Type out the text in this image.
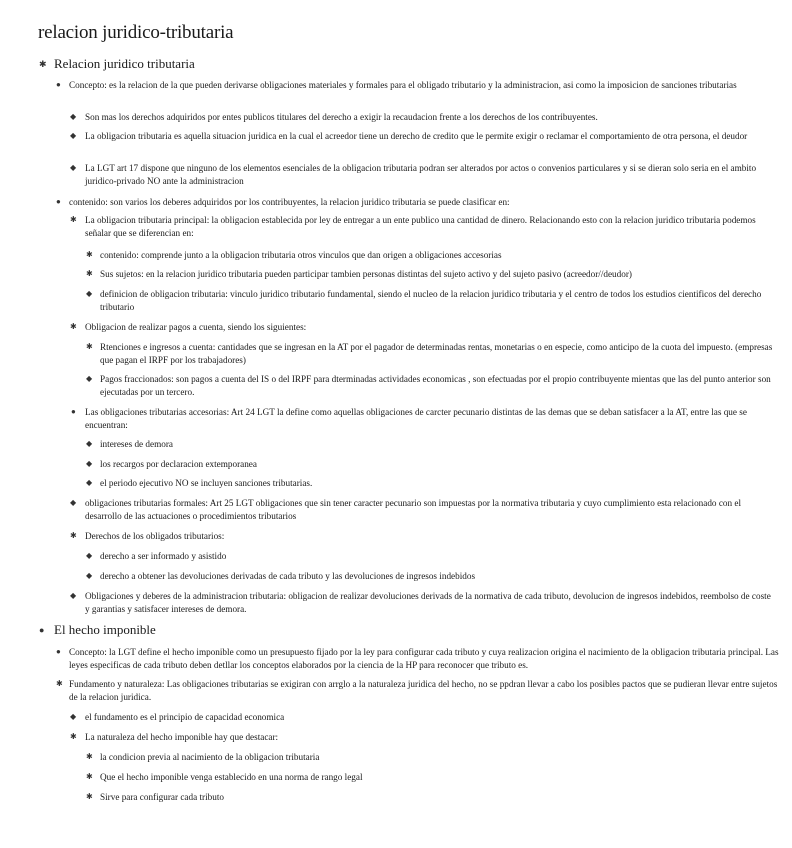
relacion juridico-tributaria
✱ Relacion juridico tributaria
● Concepto: es la relacion de la que pueden derivarse obligaciones materiales y formales para el obligado tributario y la administracion, asi como la imposicion de sanciones tributarias
◆ Son mas los derechos adquiridos por entes publicos titulares del derecho a exigir la recaudacion frente a los derechos de los contribuyentes.
◆ La obligacion tributaria es aquella situacion juridica en la cual el acreedor tiene un derecho de credito que le permite exigir o reclamar el comportamiento de otra persona, el deudor
◆ La LGT art 17 dispone que ninguno de los elementos esenciales de la obligacion tributaria podran ser alterados por actos o convenios particulares y si se dieran solo seria en el ambito juridico-privado NO ante la administracion
● contenido: son varios los deberes adquiridos por los contribuyentes, la relacion juridico tributaria se puede clasificar en:
✱ La obligacion tributaria principal: la obligacion establecida por ley de entregar a un ente publico una cantidad de dinero. Relacionando esto con la relacion juridico tributaria podemos señalar que se diferencian en:
✱ contenido: comprende junto a la obligacion tributaria otros vinculos que dan origen a obligaciones accesorias
✱ Sus sujetos: en la relacion juridico tributaria pueden participar tambien personas distintas del sujeto activo y del sujeto pasivo (acreedor//deudor)
◆ definicion de obligacion tributaria: vinculo juridico tributario fundamental, siendo el nucleo de la relacion juridico tributaria y el centro de todos los estudios cientificos del derecho tributario
✱ Obligacion de realizar pagos a cuenta, siendo los siguientes:
✱ Rtenciones e ingresos a cuenta: cantidades que se ingresan en la AT por el pagador de determinadas rentas, monetarias o en especie, como anticipo de la cuota del impuesto. (empresas que pagan el IRPF por los trabajadores)
◆ Pagos fraccionados: son pagos a cuenta del IS o del IRPF para dterminadas actividades economicas , son efectuadas por el propio contribuyente mientas que las del punto anterior son ejecutadas por un tercero.
● Las obligaciones tributarias accesorias: Art 24 LGT la define como aquellas obligaciones de carcter pecunario distintas de las demas que se deban satisfacer a la AT, entre las que se encuentran:
◆ intereses de demora
◆ los recargos por declaracion extemporanea
◆ el periodo ejecutivo NO se incluyen sanciones tributarias.
◆ obligaciones tributarias formales: Art 25 LGT obligaciones que sin tener caracter pecunario son impuestas por la normativa tributaria y cuyo cumplimiento esta relacionado con el desarrollo de las actuaciones o procedimientos tributarios
✱ Derechos de los obligados tributarios:
◆ derecho a ser informado y asistido
◆ derecho a obtener las devoluciones derivadas de cada tributo y las devoluciones de ingresos indebidos
◆ Obligaciones y deberes de la administracion tributaria: obligacion de realizar devoluciones derivads de la normativa de cada tributo, devolucion de ingresos indebidos, reembolso de coste y garantias y satisfacer intereses de demora.
● El hecho imponible
● Concepto: la LGT define el hecho imponible como un presupuesto fijado por la ley para configurar cada tributo y cuya realizacion origina el nacimiento de la obligacion tributaria principal. Las leyes especificas de cada tributo deben detllar los conceptos elaborados por la ciencia de la HP para reconocer que tributo es.
✱ Fundamento y naturaleza: Las obligaciones tributarias se exigiran con arrglo a la naturaleza juridica del hecho, no se ppdran llevar a cabo los posibles pactos que se pudieran llevar entre sujetos de la relacion juridica.
◆ el fundamento es el principio de capacidad economica
✱ La naturaleza del hecho imponible hay que destacar:
✱ la condicion previa al nacimiento de la obligacion tributaria
✱ Que el hecho imponible venga establecido en una norma de rango legal
✱ Sirve para configurar cada tributo
